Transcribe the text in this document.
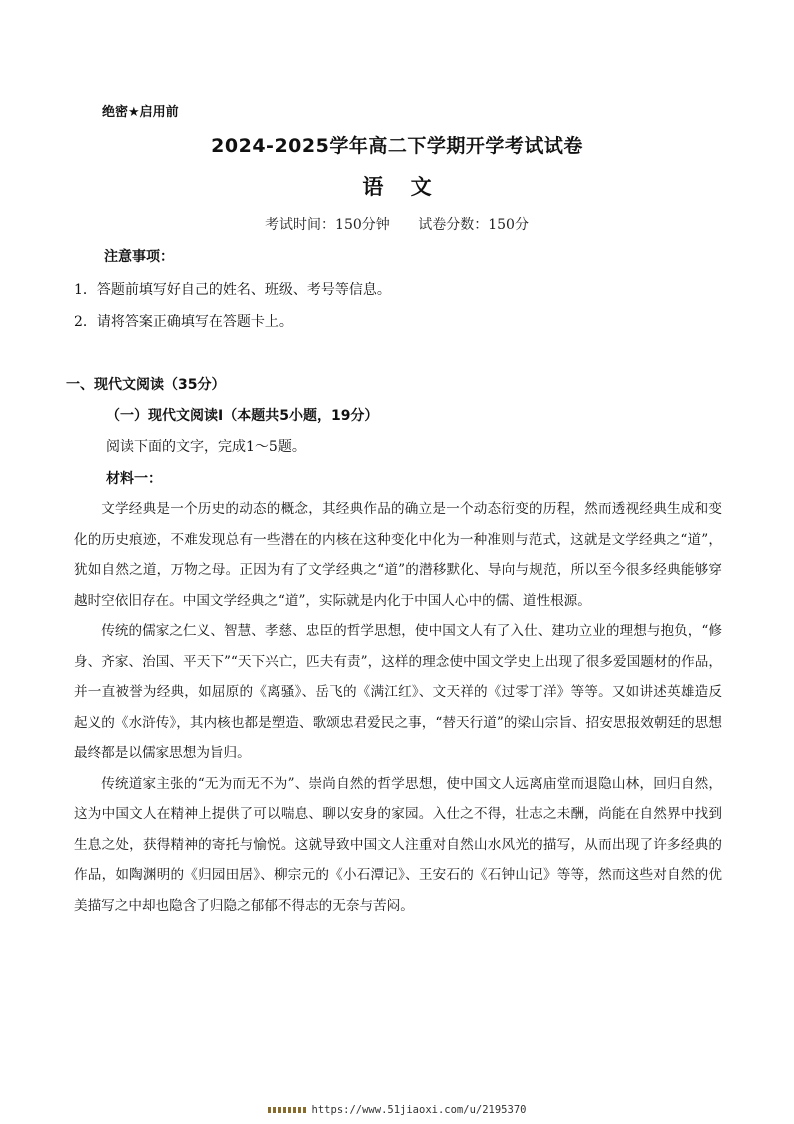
绝密★启用前
2024-2025学年高二下学期开学考试试卷
语 文
考试时间：150分钟 试卷分数：150分
注意事项：
1．答题前填写好自己的姓名、班级、考号等信息。
2．请将答案正确填写在答题卡上。
一、现代文阅读（35分）
（一）现代文阅读Ⅰ（本题共5小题，19分）
阅读下面的文字，完成1～5题。
材料一：

文学经典是一个历史的动态的概念，其经典作品的确立是一个动态衍变的历程，然而透视经典生成和变化的历史痕迹，不难发现总有一些潜在的内核在这种变化中化为一种准则与范式，这就是文学经典之“道”，犹如自然之道，万物之母。正因为有了文学经典之“道”的潜移默化、导向与规范，所以至今很多经典能够穿越时空依旧存在。中国文学经典之“道”，实际就是内化于中国人心中的儒、道性根源。

传统的儒家之仁义、智慧、孝慈、忠臣的哲学思想，使中国文人有了入仕、建功立业的理想与抱负，“修身、齐家、治国、平天下”“天下兴亡，匹夫有责”，这样的理念使中国文学史上出现了很多爱国题材的作品，并一直被誉为经典，如屈原的《离骚》、岳飞的《满江红》、文天祥的《过零丁洋》等等。又如讲述英雄造反起义的《水浒传》，其内核也都是塑造、歌颂忠君爱民之事，“替天行道”的梁山宗旨、招安思报效朝廷的思想最终都是以儒家思想为旨归。

传统道家主张的“无为而无不为”、崇尚自然的哲学思想，使中国文人远离庙堂而退隐山林，回归自然，这为中国文人在精神上提供了可以喘息、聊以安身的家园。入仕之不得，壮志之未酬，尚能在自然界中找到生息之处，获得精神的寄托与愉悦。这就导致中国文人注重对自然山水风光的描写，从而出现了许多经典的作品，如陶渊明的《归园田居》、柳宗元的《小石潭记》、王安石的《石钟山记》等等，然而这些对自然的优美描写之中却也隐含了归隐之郁郁不得志的无奈与苦闷。

https://www.51jiaoxi.com/u/2195370
